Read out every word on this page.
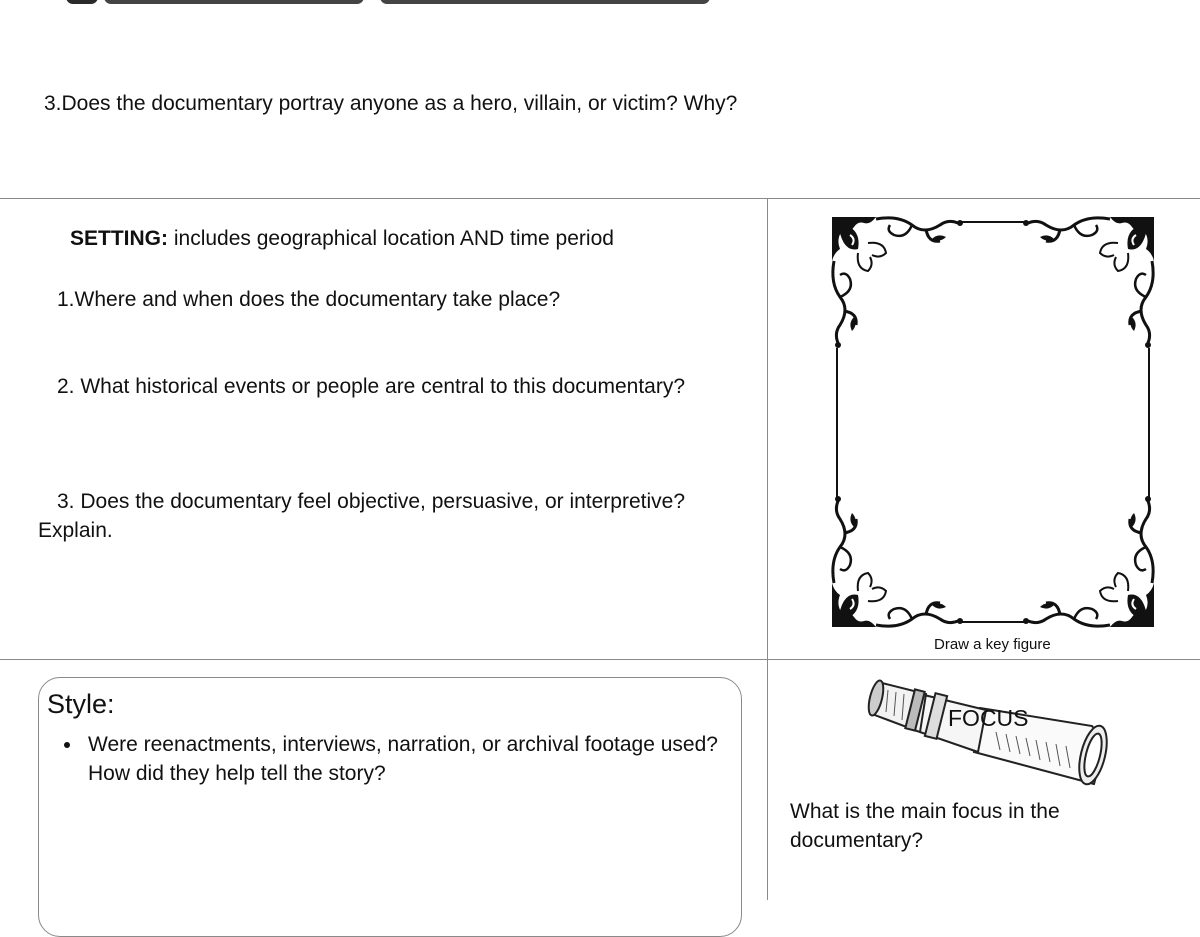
3.Does the documentary portray anyone as a hero, villain, or victim? Why?
SETTING: includes geographical location AND time period
1.Where and when does the documentary take place?
2. What historical events or people are central to this documentary?
3. Does the documentary feel objective, persuasive, or interpretive? Explain.
Draw a key figure
Style:
Were reenactments, interviews, narration, or archival footage used? How did they help tell the story?
FOCUS
What is the main focus in the documentary?
